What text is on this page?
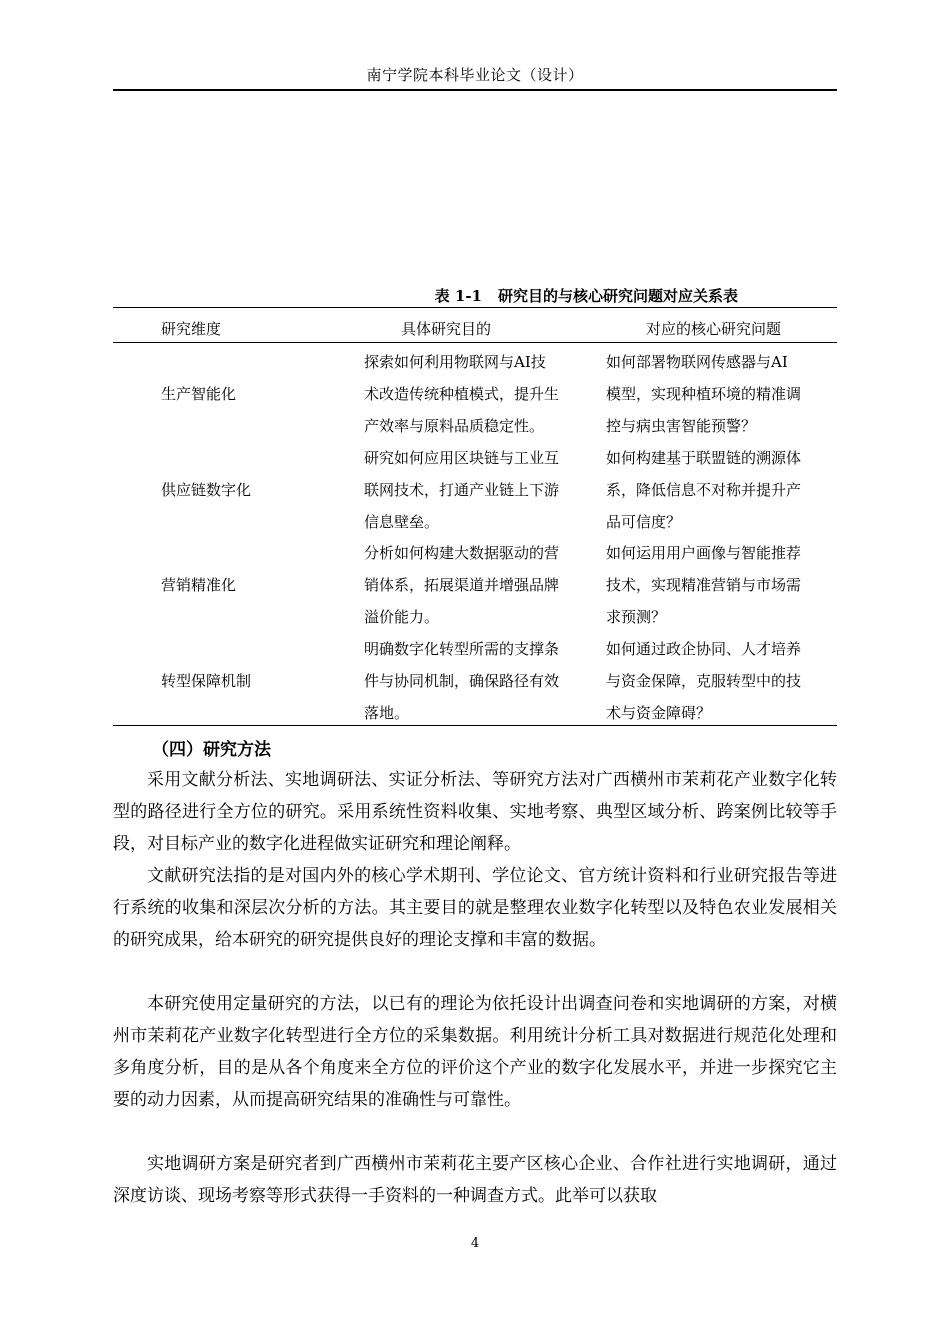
南宁学院本科毕业论文（设计）
表 1-1 研究目的与核心研究问题对应关系表
研究维度	具体研究目的	对应的核心研究问题
生产智能化
探索如何利用物联网与AI技
术改造传统种植模式，提升生
产效率与原料品质稳定性。
如何部署物联网传感器与AI
模型，实现种植环境的精准调
控与病虫害智能预警？
供应链数字化
研究如何应用区块链与工业互
联网技术，打通产业链上下游
信息壁垒。
如何构建基于联盟链的溯源体
系，降低信息不对称并提升产
品可信度？
营销精准化
分析如何构建大数据驱动的营
销体系，拓展渠道并增强品牌
溢价能力。
如何运用用户画像与智能推荐
技术，实现精准营销与市场需
求预测？
转型保障机制
明确数字化转型所需的支撑条
件与协同机制，确保路径有效
落地。
如何通过政企协同、人才培养
与资金保障，克服转型中的技
术与资金障碍？
（四）研究方法

采用文献分析法、实地调研法、实证分析法、等研究方法对广西横州市茉莉花产业数字化转型的路径进行全方位的研究。采用系统性资料收集、实地考察、典型区域分析、跨案例比较等手段，对目标产业的数字化进程做实证研究和理论阐释。

文献研究法指的是对国内外的核心学术期刊、学位论文、官方统计资料和行业研究报告等进行系统的收集和深层次分析的方法。其主要目的就是整理农业数字化转型以及特色农业发展相关的研究成果，给本研究的研究提供良好的理论支撑和丰富的数据。

本研究使用定量研究的方法，以已有的理论为依托设计出调查问卷和实地调研的方案，对横州市茉莉花产业数字化转型进行全方位的采集数据。利用统计分析工具对数据进行规范化处理和多角度分析，目的是从各个角度来全方位的评价这个产业的数字化发展水平，并进一步探究它主要的动力因素，从而提高研究结果的准确性与可靠性。

实地调研方案是研究者到广西横州市茉莉花主要产区核心企业、合作社进行实地调研，通过深度访谈、现场考察等形式获得一手资料的一种调查方式。此举可以获取

4
